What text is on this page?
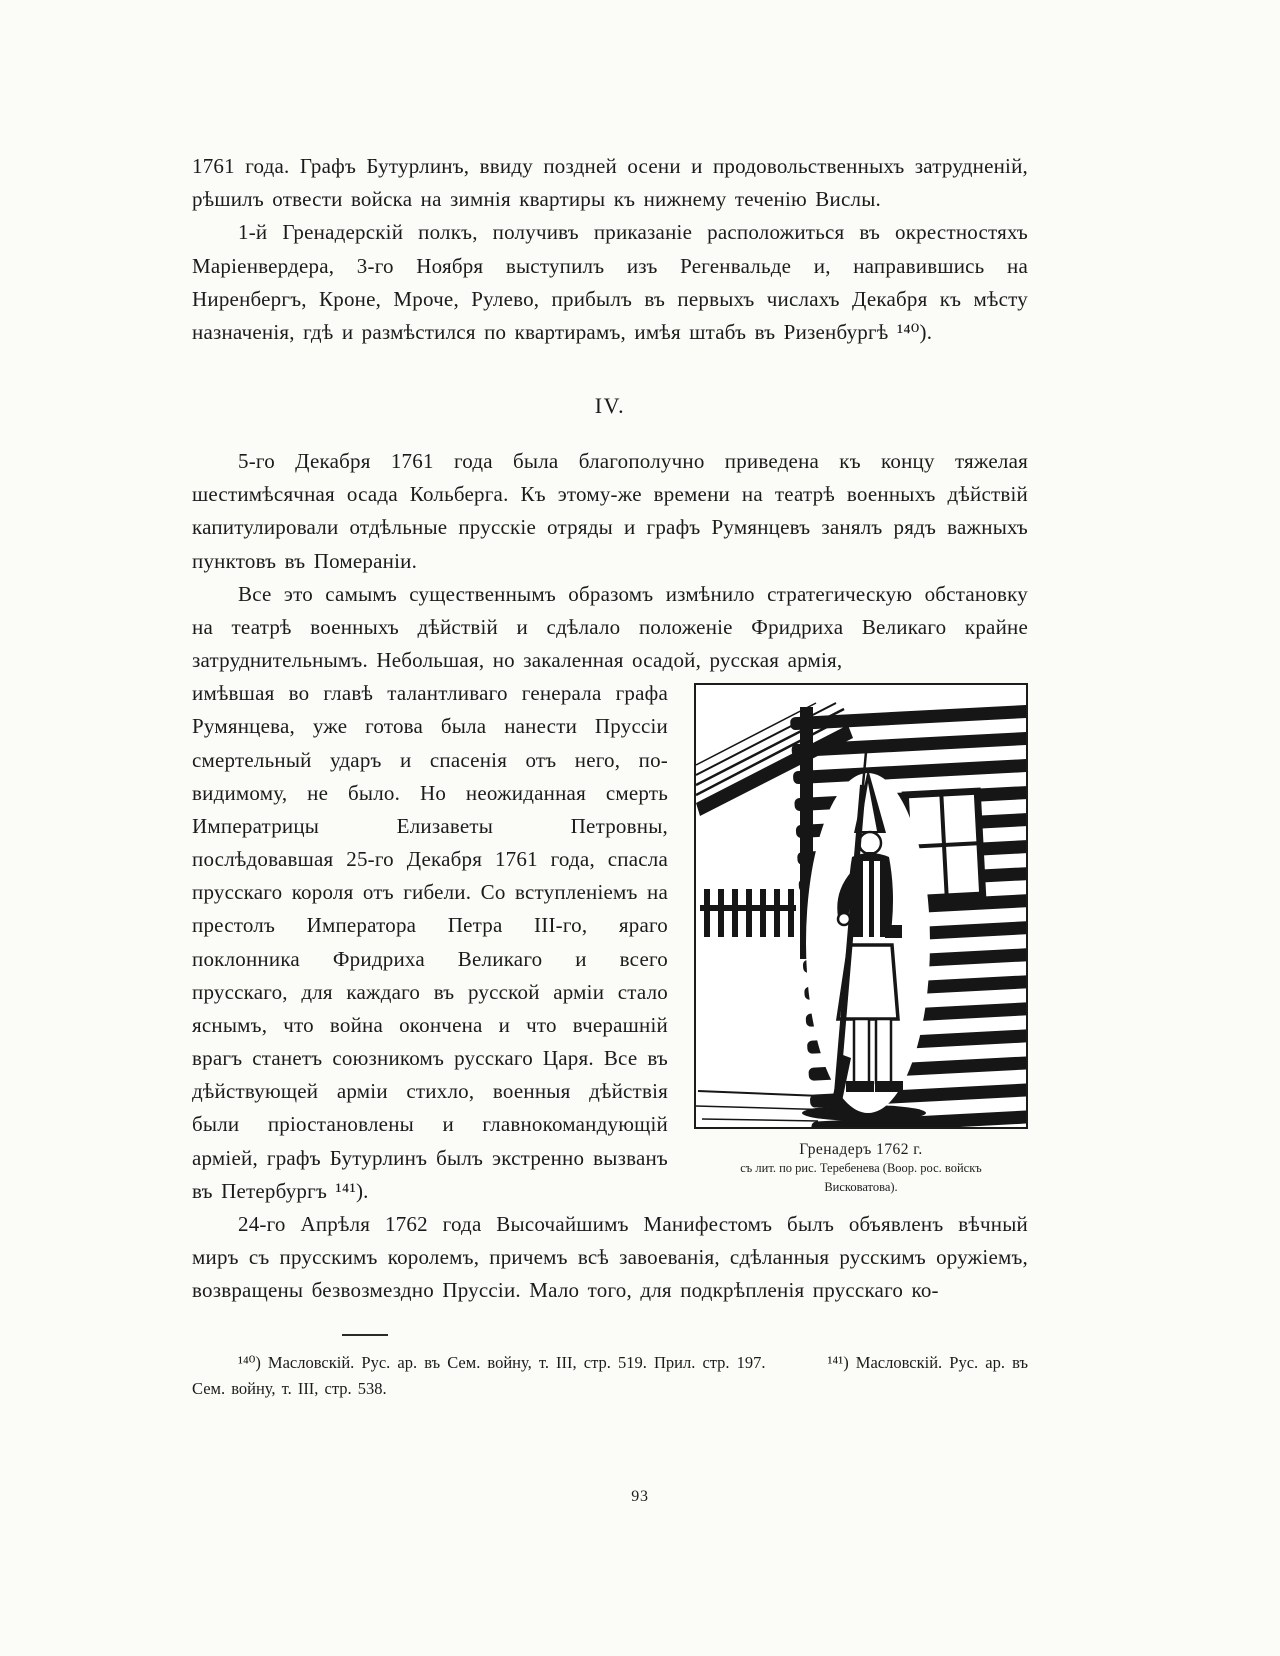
1761 года. Графъ Бутурлинъ, ввиду поздней осени и продовольственныхъ затрудненій, рѣшилъ отвести войска на зимнія квартиры къ нижнему теченію Вислы.

1-й Гренадерскій полкъ, получивъ приказаніе расположиться въ окрестностяхъ Маріенвердера, 3-го Ноября выступилъ изъ Регенвальде и, направившись на Ниренбергъ, Кроне, Мроче, Рулево, прибылъ въ первыхъ числахъ Декабря къ мѣсту назначенія, гдѣ и размѣстился по квартирамъ, имѣя штабъ въ Ризенбургѣ ¹⁴⁰).

IV.

5-го Декабря 1761 года была благополучно приведена къ концу тяжелая шестимѣсячная осада Кольберга. Къ этому-же времени на театрѣ военныхъ дѣйствій капитулировали отдѣльные прусскіе отряды и графъ Румянцевъ занялъ рядъ важныхъ пунктовъ въ Помераніи.

Все это самымъ существеннымъ образомъ измѣнило стратегическую обстановку на театрѣ военныхъ дѣйствій и сдѣлало положеніе Фридриха Великаго крайне затруднительнымъ. Небольшая, но закаленная осадой, русская армія,

Гренадеръ 1762 г.
съ лит. по рис. Теребенева (Воор. рос. войскъ
Висковатова).

имѣвшая во главѣ талантливаго генерала графа Румянцева, уже готова была нанести Пруссіи смертельный ударъ и спасенія отъ него, по-видимому, не было. Но неожиданная смерть Императрицы Елизаветы Петровны, послѣдовавшая 25-го Декабря 1761 года, спасла прусскаго короля отъ гибели. Со вступленіемъ на престолъ Императора Петра III-го, яраго поклонника Фридриха Великаго и всего прусскаго, для каждаго въ русской арміи стало яснымъ, что война окончена и что вчерашній врагъ станетъ союзникомъ русскаго Царя. Все въ дѣйствующей арміи стихло, военныя дѣйствія были пріостановлены и главнокомандующій арміей, графъ Бутурлинъ былъ экстренно вызванъ въ Петербургъ ¹⁴¹).

24-го Апрѣля 1762 года Высочайшимъ Манифестомъ былъ объявленъ вѣчный миръ съ прусскимъ королемъ, причемъ всѣ завоеванія, сдѣланныя русскимъ оружіемъ, возвращены безвозмездно Пруссіи. Мало того, для подкрѣпленія прусскаго ко-

¹⁴⁰) Масловскій. Рус. ар. въ Сем. войну, т. III, стр. 519. Прил. стр. 197.	¹⁴¹) Масловскій. Рус. ар. въ Сем. войну, т. III, стр. 538.

93
